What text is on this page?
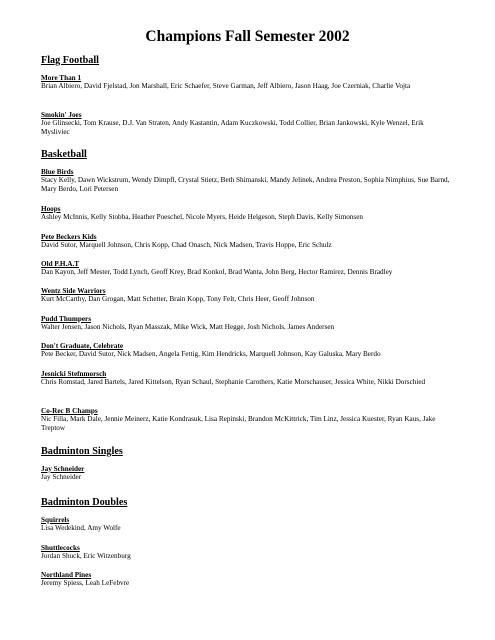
Champions Fall Semester 2002
Flag Football
More Than 1
Brian Albiero, David Fjelstad, Jon Marshall, Eric Schaefer, Steve Garman, Jeff Albiero, Jason Haag, Joe Czerniak, Charlie Vojta
Smokin' Joes
Joe Glinsecki, Tom Krause, D.J. Van Straten, Andy Kastantin, Adam Kuczkowski, Todd Collier, Brian Jankowski, Kyle Wenzel, Erik Mysliviec
Basketball
Blue Birds
Stacy Kelly, Dawn Wickstrum, Wendy Dimpfl, Crystal Stietz, Beth Shimanski, Mandy Jelinek, Andrea Preston, Sophia Nimphius, Sue Barnd, Mary Berdo, Lori Petersen
Hoops
Ashley McInnis, Kelly Stobba, Heather Poeschel, Nicole Myers, Heide Helgeson, Steph Davis, Kelly Simonsen
Pete Beckers Kids
David Sutor, Marquell Johnson, Chris Kopp, Chad Onasch, Nick Madsen, Travis Hoppe, Eric Schulz
Old P.H.A.T
Dan Kayon, Jeff Mester, Todd Lynch, Geoff Krey, Brad Konkol, Brad Wanta, John Berg, Hector Ramirez, Dennis Bradley
Wentz Side Warriors
Kurt McCarthy, Dan Grogan, Matt Schetter, Brain Kopp, Tony Felt, Chris Heer, Geoff Johnson
Pudd Thumpers
Walter Jensen, Jason Nichols, Ryan Masszak, Mike Wick, Matt Hegge, Josh Nichols, James Andersen
Don't Graduate, Celebrate
Pete Becker, David Sutor, Nick Madsen, Angela Fettig, Kim Hendricks, Marquell Johnson, Kay Galuska, Mary Berdo
Jesnicki Stefnmorsch
Chris Romstad, Jared Bartels, Jared Kittelson, Ryan Schaul, Stephanie Carothers, Katie Morschauser, Jessica White, Nikki Dorschied
Co-Rec B Champs
Nic Filla, Mark Dale, Jennie Meinerz, Katie Kondrasuk, Lisa Repinski, Brandon McKittrick, Tim Linz, Jessica Kuester, Ryan Kaus, Jake Treptow
Badminton Singles
Jay Schneider
Jay Schneider
Badminton Doubles
Squirrels
Lisa Wedekind, Amy Wolfe
Shuttlecocks
Jordan Shuck, Eric Witzenburg
Northland Pines
Jeremy Spiess, Leah LeFebvre
